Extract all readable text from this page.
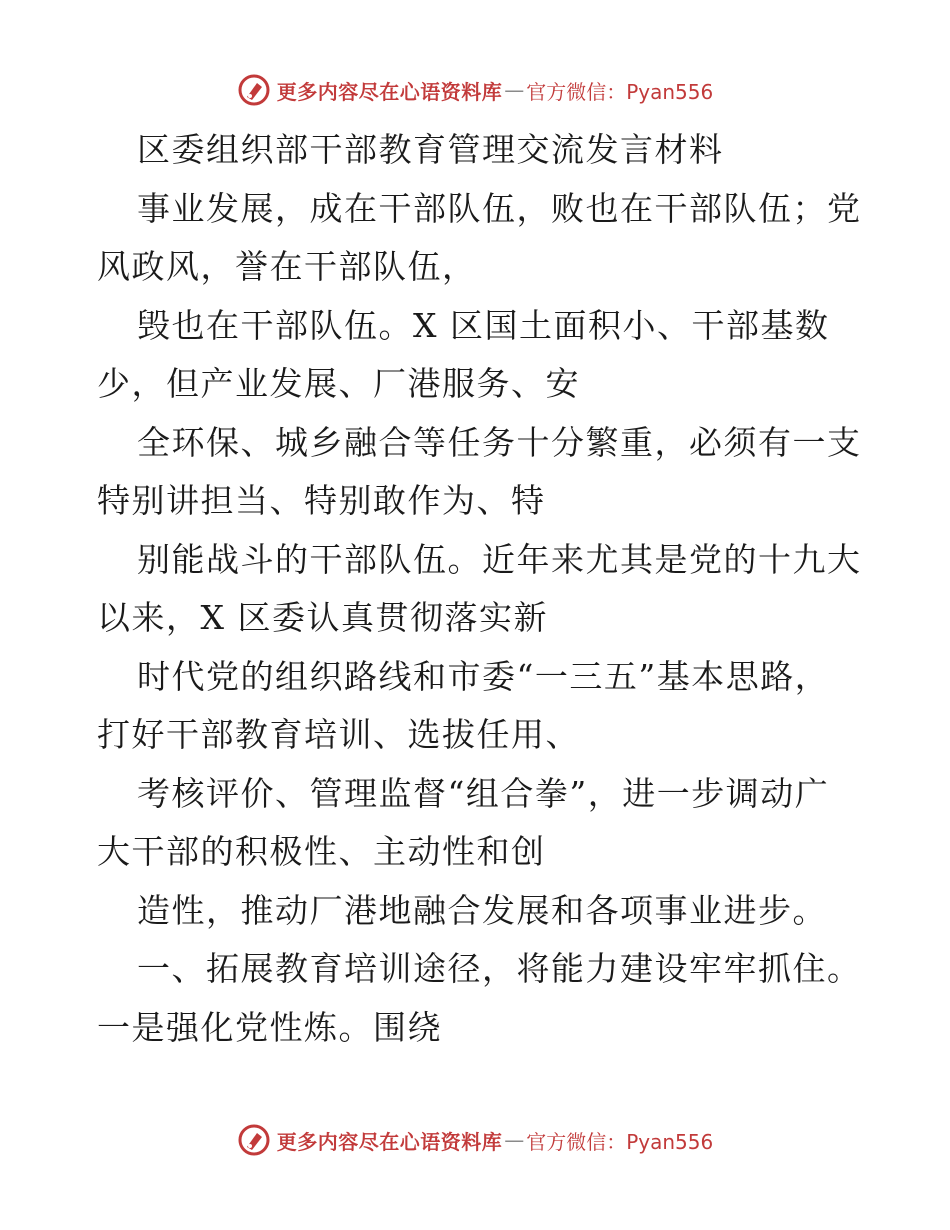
更多内容尽在心语资料库 — 官方微信：Pyan556

区委组织部干部教育管理交流发言材料

事业发展，成在干部队伍，败也在干部队伍；党

风政风，誉在干部队伍，

毁也在干部队伍。X 区国土面积小、干部基数

少，但产业发展、厂港服务、安

全环保、城乡融合等任务十分繁重，必须有一支

特别讲担当、特别敢作为、特

别能战斗的干部队伍。近年来尤其是党的十九大

以来，X 区委认真贯彻落实新

时代党的组织路线和市委“一三五”基本思路，

打好干部教育培训、选拔任用、

考核评价、管理监督“组合拳”，进一步调动广

大干部的积极性、主动性和创

造性，推动厂港地融合发展和各项事业进步。

一、拓展教育培训途径，将能力建设牢牢抓住。

一是强化党性炼。围绕

更多内容尽在心语资料库 — 官方微信：Pyan556
